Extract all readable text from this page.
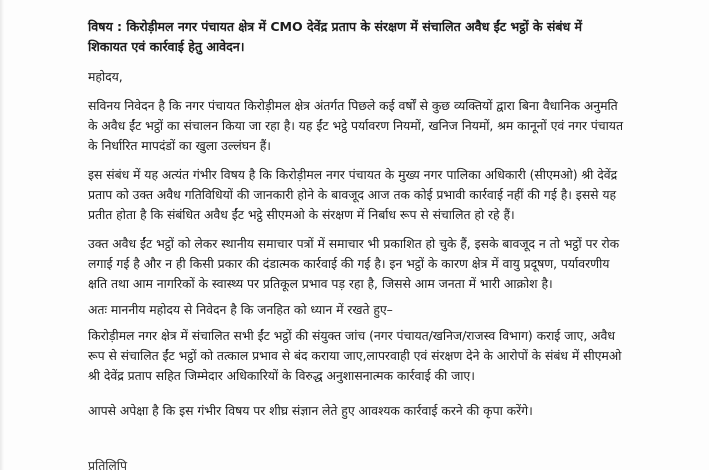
विषय : किरोड़ीमल नगर पंचायत क्षेत्र में CMO देवेंद्र प्रताप के संरक्षण में संचालित अवैध ईंट भट्ठों के संबंध में
शिकायत एवं कार्रवाई हेतु आवेदन।
महोदय,
सविनय निवेदन है कि नगर पंचायत किरोड़ीमल क्षेत्र अंतर्गत पिछले कई वर्षों से कुछ व्यक्तियों द्वारा बिना वैधानिक अनुमति
के अवैध ईंट भट्ठों का संचालन किया जा रहा है। यह ईंट भट्ठे पर्यावरण नियमों, खनिज नियमों, श्रम कानूनों एवं नगर पंचायत
के निर्धारित मापदंडों का खुला उल्लंघन हैं।
इस संबंध में यह अत्यंत गंभीर विषय है कि किरोड़ीमल नगर पंचायत के मुख्य नगर पालिका अधिकारी (सीएमओ) श्री देवेंद्र
प्रताप को उक्त अवैध गतिविधियों की जानकारी होने के बावजूद आज तक कोई प्रभावी कार्रवाई नहीं की गई है। इससे यह
प्रतीत होता है कि संबंधित अवैध ईंट भट्ठे सीएमओ के संरक्षण में निर्बाध रूप से संचालित हो रहे हैं।
उक्त अवैध ईंट भट्ठों को लेकर स्थानीय समाचार पत्रों में समाचार भी प्रकाशित हो चुके हैं, इसके बावजूद न तो भट्ठों पर रोक
लगाई गई है और न ही किसी प्रकार की दंडात्मक कार्रवाई की गई है। इन भट्ठों के कारण क्षेत्र में वायु प्रदूषण, पर्यावरणीय
क्षति तथा आम नागरिकों के स्वास्थ्य पर प्रतिकूल प्रभाव पड़ रहा है, जिससे आम जनता में भारी आक्रोश है।
अतः माननीय महोदय से निवेदन है कि जनहित को ध्यान में रखते हुए–
किरोड़ीमल नगर क्षेत्र में संचालित सभी ईंट भट्ठों की संयुक्त जांच (नगर पंचायत/खनिज/राजस्व विभाग) कराई जाए, अवैध
रूप से संचालित ईंट भट्ठों को तत्काल प्रभाव से बंद कराया जाए,लापरवाही एवं संरक्षण देने के आरोपों के संबंध में सीएमओ
श्री देवेंद्र प्रताप सहित जिम्मेदार अधिकारियों के विरुद्ध अनुशासनात्मक कार्रवाई की जाए।
आपसे अपेक्षा है कि इस गंभीर विषय पर शीघ्र संज्ञान लेते हुए आवश्यक कार्रवाई करने की कृपा करेंगे।
प्रतिलिपि
